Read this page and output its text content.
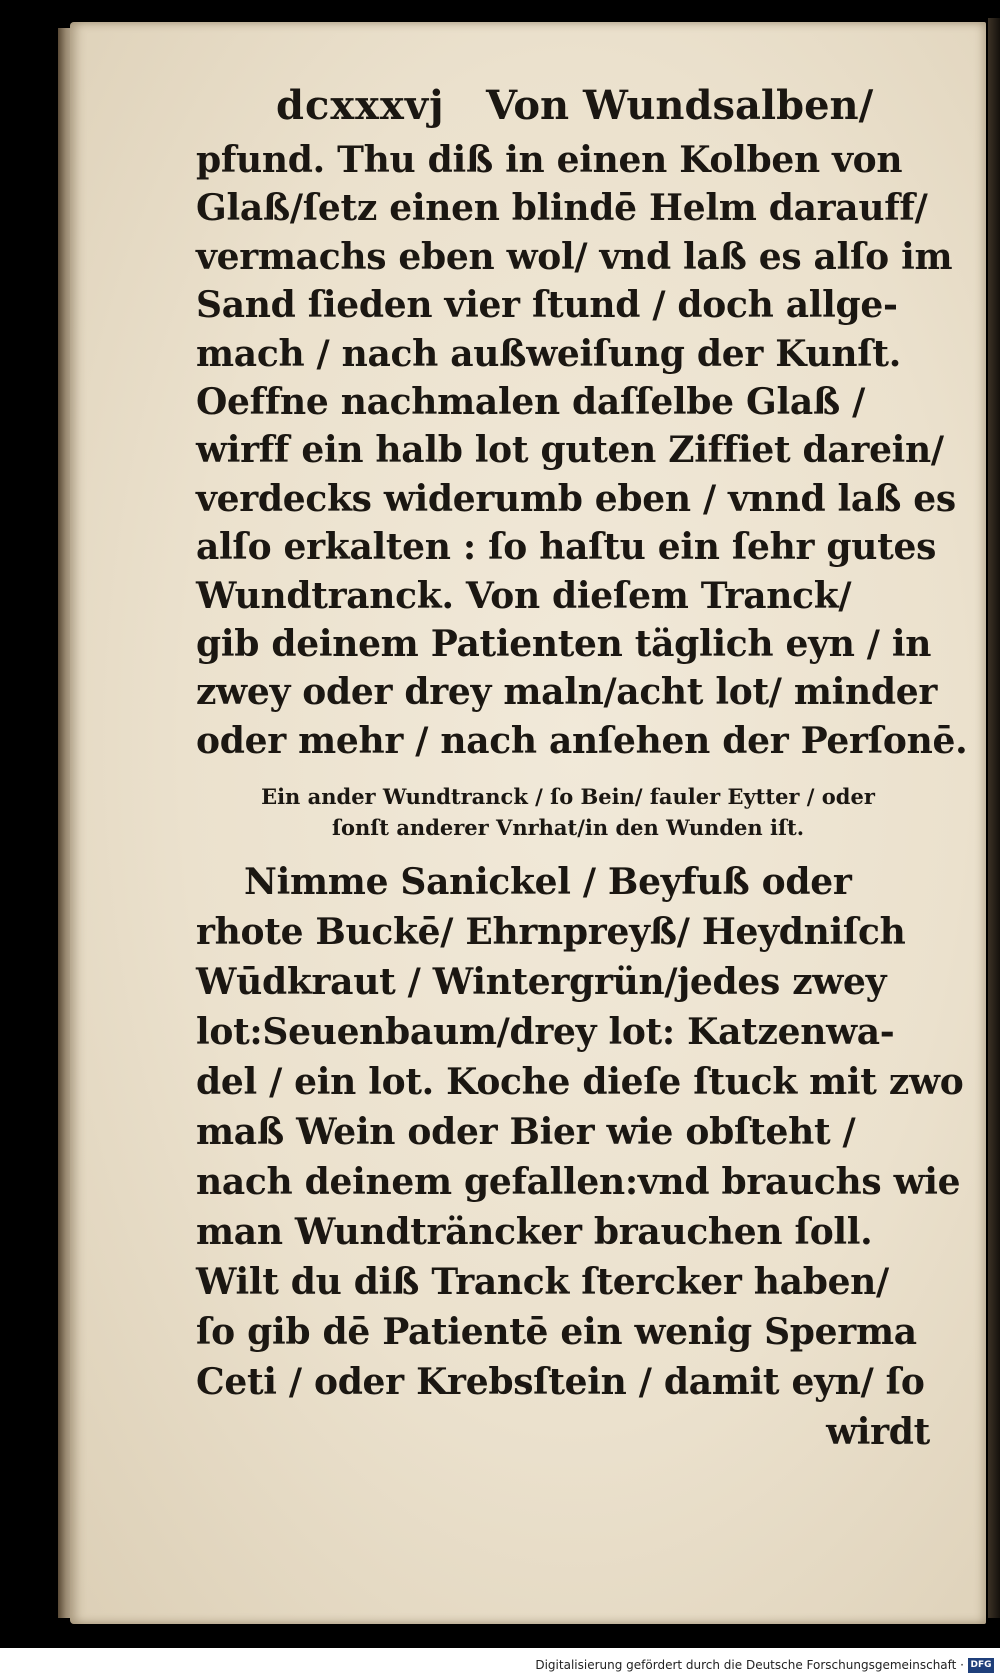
dcxxxvj Von Wundsalben/
pfund. Thu diß in einen Kolben von
Glaß/ſetz einen blindē Helm darauff/
vermachs eben wol/ vnd laß es alſo im
Sand ſieden vier ſtund / doch allge-
mach / nach außweiſung der Kunſt.
Oeffne nachmalen daſſelbe Glaß /
wirff ein halb lot guten Ziffiet darein/
verdecks widerumb eben / vnnd laß es
alſo erkalten : ſo haſtu ein ſehr gutes
Wundtranck. Von dieſem Tranck/
gib deinem Patienten täglich eyn / in
zwey oder drey maln/acht lot/ minder
oder mehr / nach anſehen der Perſonē.
Ein ander Wundtranck / ſo Bein/ fauler Eytter / oder
ſonſt anderer Vnrhat/in den Wunden iſt.
Nimme Sanickel / Beyfuß oder
rhote Buckē/ Ehrnpreyß/ Heydniſch
Wūdkraut / Wintergrün/jedes zwey
lot:Seuenbaum/drey lot: Katzenwa-
del / ein lot. Koche dieſe ſtuck mit zwo
maß Wein oder Bier wie obſteht /
nach deinem gefallen:vnd brauchs wie
man Wundträncker brauchen ſoll.
Wilt du diß Tranck ſtercker haben/
ſo gib dē Patientē ein wenig Sperma
Ceti / oder Krebsſtein / damit eyn/ ſo
wirdt
Digitalisierung gefördert durch die Deutsche Forschungsgemeinschaft · DFG
